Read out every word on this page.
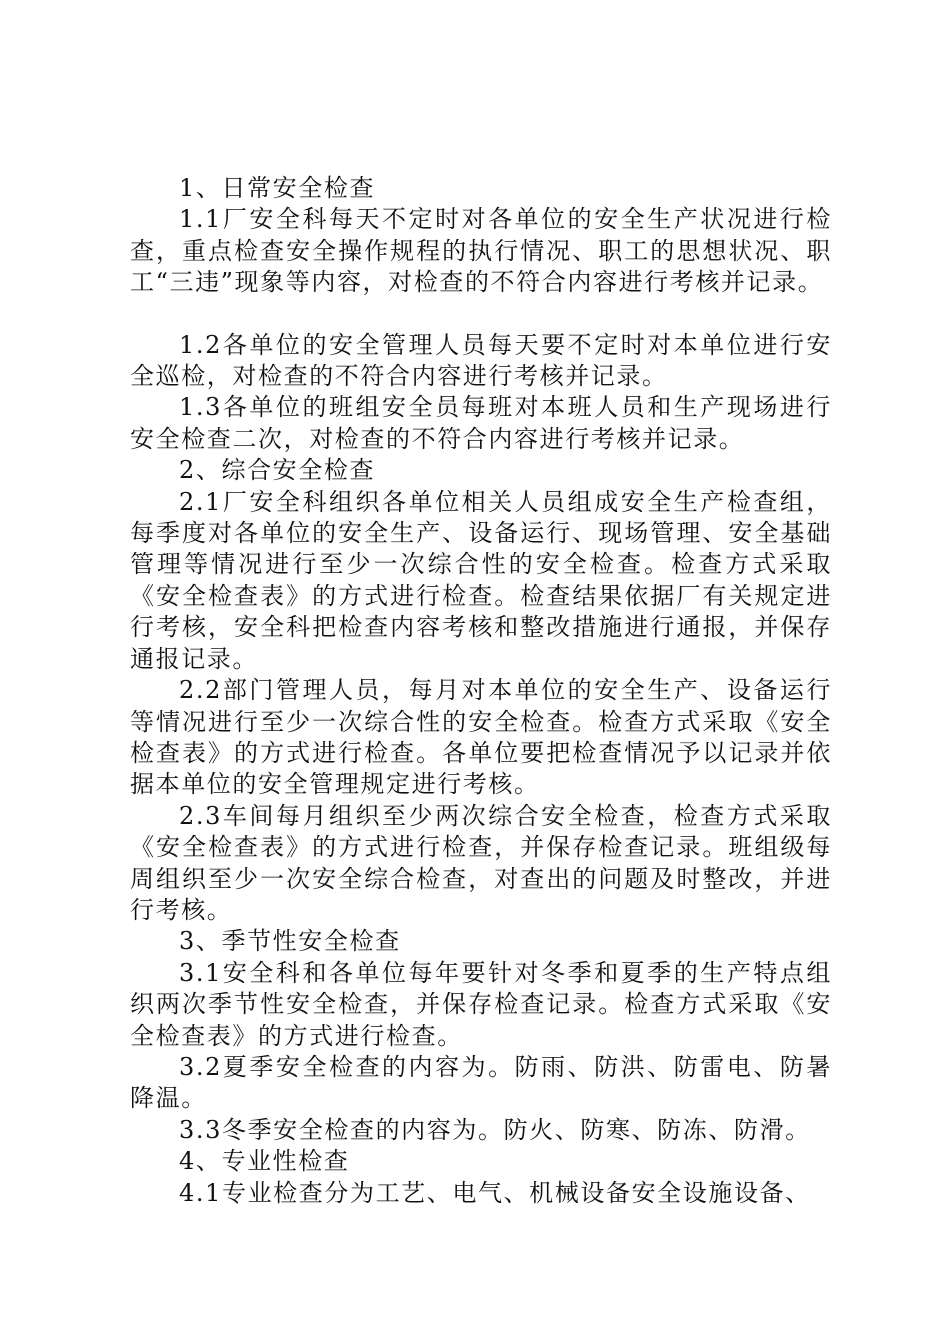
1、日常安全检查

1.1厂安全科每天不定时对各单位的安全生产状况进行检查，重点检查安全操作规程的执行情况、职工的思想状况、职工“三违”现象等内容，对检查的不符合内容进行考核并记录。

1.2各单位的安全管理人员每天要不定时对本单位进行安全巡检，对检查的不符合内容进行考核并记录。

1.3各单位的班组安全员每班对本班人员和生产现场进行安全检查二次，对检查的不符合内容进行考核并记录。

2、综合安全检查

2.1厂安全科组织各单位相关人员组成安全生产检查组，每季度对各单位的安全生产、设备运行、现场管理、安全基础管理等情况进行至少一次综合性的安全检查。检查方式采取《安全检查表》的方式进行检查。检查结果依据厂有关规定进行考核，安全科把检查内容考核和整改措施进行通报，并保存通报记录。

2.2部门管理人员，每月对本单位的安全生产、设备运行等情况进行至少一次综合性的安全检查。检查方式采取《安全检查表》的方式进行检查。各单位要把检查情况予以记录并依据本单位的安全管理规定进行考核。

2.3车间每月组织至少两次综合安全检查，检查方式采取《安全检查表》的方式进行检查，并保存检查记录。班组级每周组织至少一次安全综合检查，对查出的问题及时整改，并进行考核。

3、季节性安全检查

3.1安全科和各单位每年要针对冬季和夏季的生产特点组织两次季节性安全检查，并保存检查记录。检查方式采取《安全检查表》的方式进行检查。

3.2夏季安全检查的内容为。防雨、防洪、防雷电、防暑降温。

3.3冬季安全检查的内容为。防火、防寒、防冻、防滑。

4、专业性检查

4.1专业检查分为工艺、电气、机械设备安全设施设备、
